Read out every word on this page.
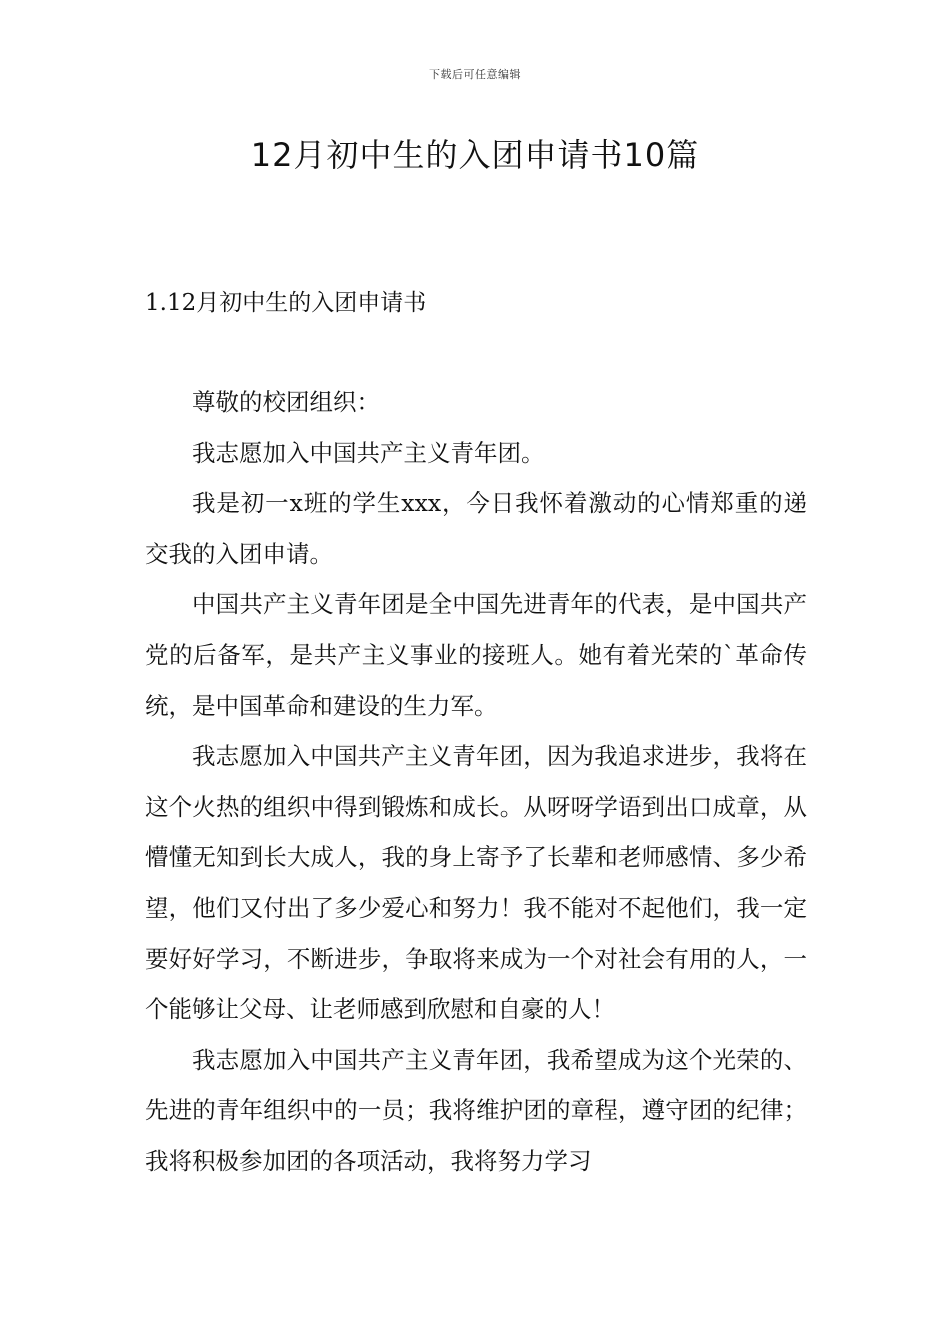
下载后可任意编辑
12月初中生的入团申请书10篇
1.12月初中生的入团申请书

尊敬的校团组织：

我志愿加入中国共产主义青年团。

我是初一x班的学生xxx，今日我怀着激动的心情郑重的递交我的入团申请。

中国共产主义青年团是全中国先进青年的代表，是中国共产党的后备军，是共产主义事业的接班人。她有着光荣的`革命传统，是中国革命和建设的生力军。

我志愿加入中国共产主义青年团，因为我追求进步，我将在这个火热的组织中得到锻炼和成长。从呀呀学语到出口成章，从懵懂无知到长大成人，我的身上寄予了长辈和老师感情、多少希望，他们又付出了多少爱心和努力！我不能对不起他们，我一定要好好学习，不断进步，争取将来成为一个对社会有用的人，一个能够让父母、让老师感到欣慰和自豪的人！

我志愿加入中国共产主义青年团，我希望成为这个光荣的、先进的青年组织中的一员；我将维护团的章程，遵守团的纪律；我将积极参加团的各项活动，我将努力学习
